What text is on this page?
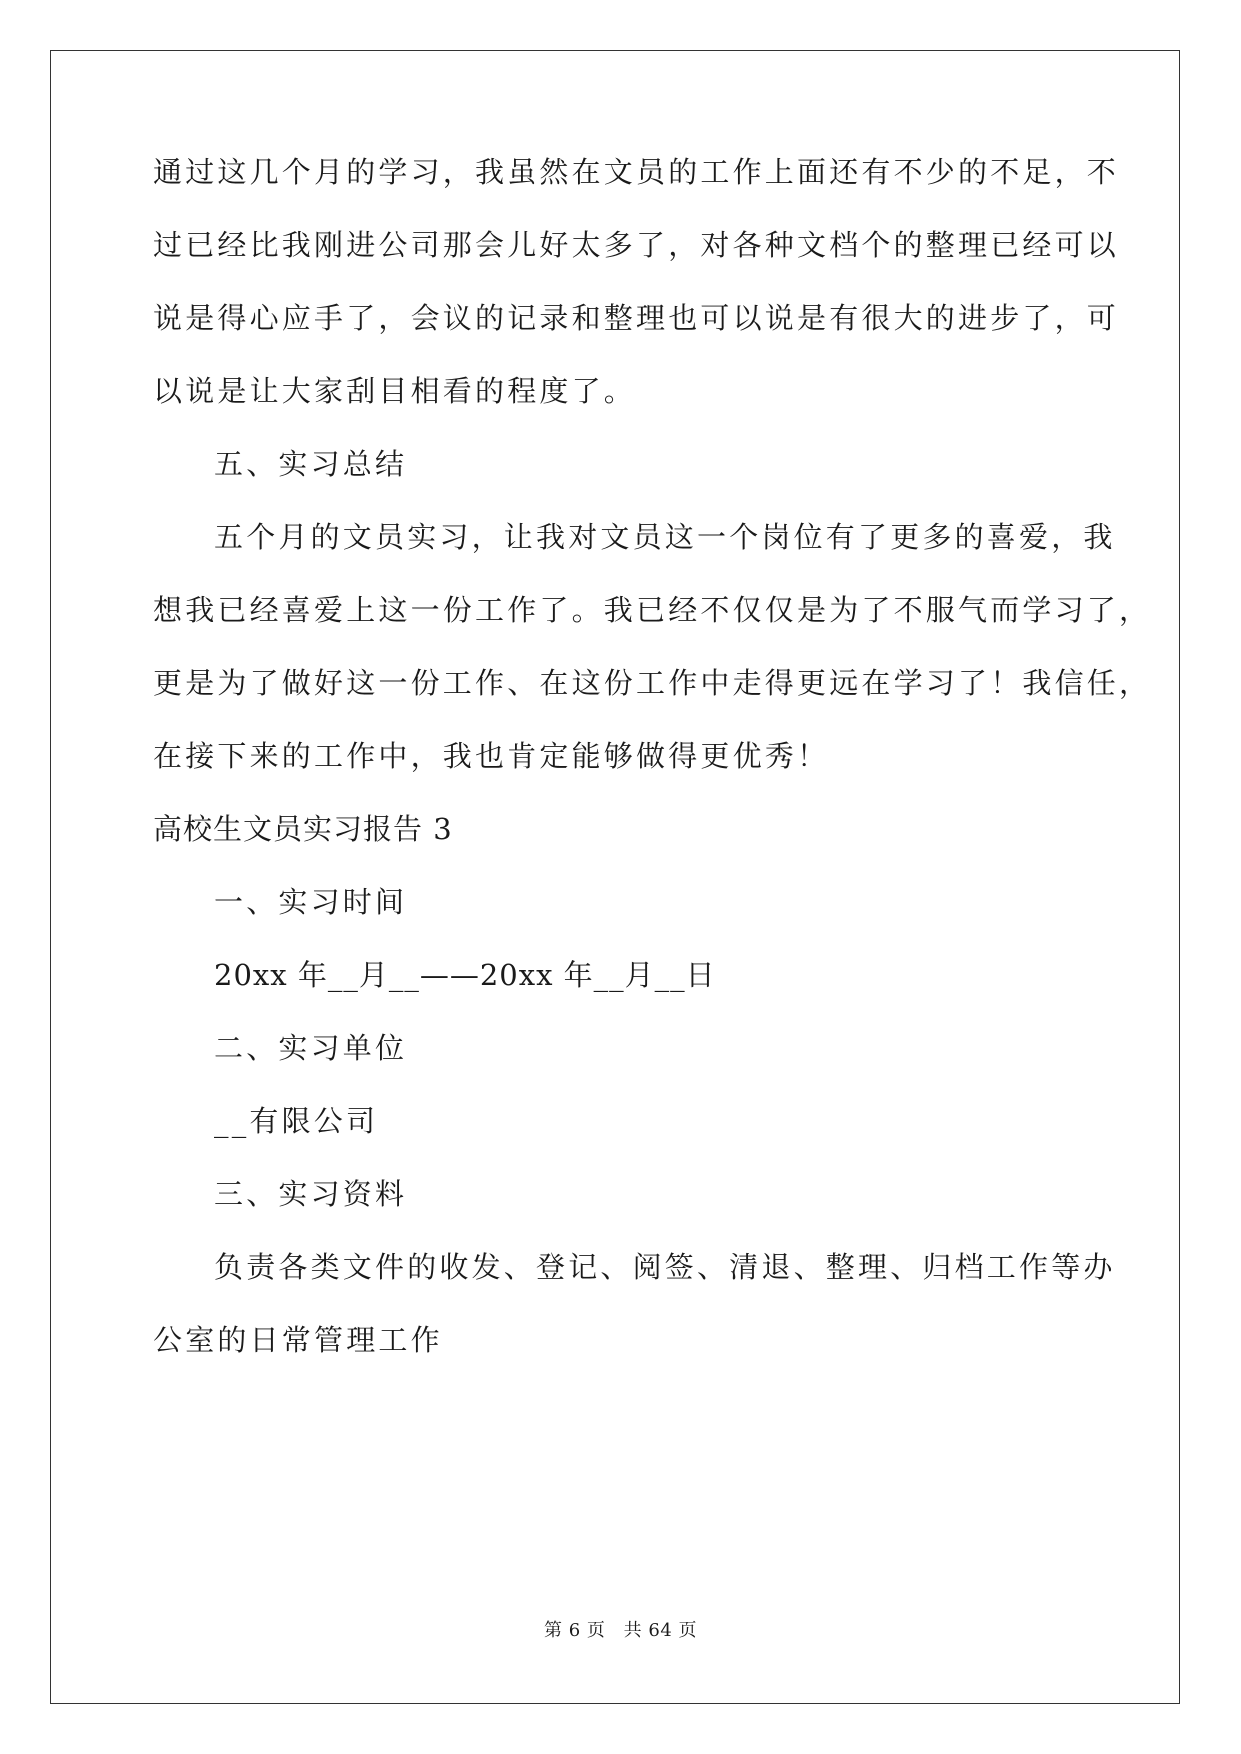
通过这几个月的学习，我虽然在文员的工作上面还有不少的不足，不
过已经比我刚进公司那会儿好太多了，对各种文档个的整理已经可以
说是得心应手了，会议的记录和整理也可以说是有很大的进步了，可
以说是让大家刮目相看的程度了。
五、实习总结
五个月的文员实习，让我对文员这一个岗位有了更多的喜爱，我
想我已经喜爱上这一份工作了。我已经不仅仅是为了不服气而学习了，
更是为了做好这一份工作、在这份工作中走得更远在学习了！我信任，
在接下来的工作中，我也肯定能够做得更优秀！
高校生文员实习报告 3
一、实习时间
20xx 年__月__——20xx 年__月__日
二、实习单位
__有限公司
三、实习资料
负责各类文件的收发、登记、阅签、清退、整理、归档工作等办
公室的日常管理工作
第 6 页 共 64 页
